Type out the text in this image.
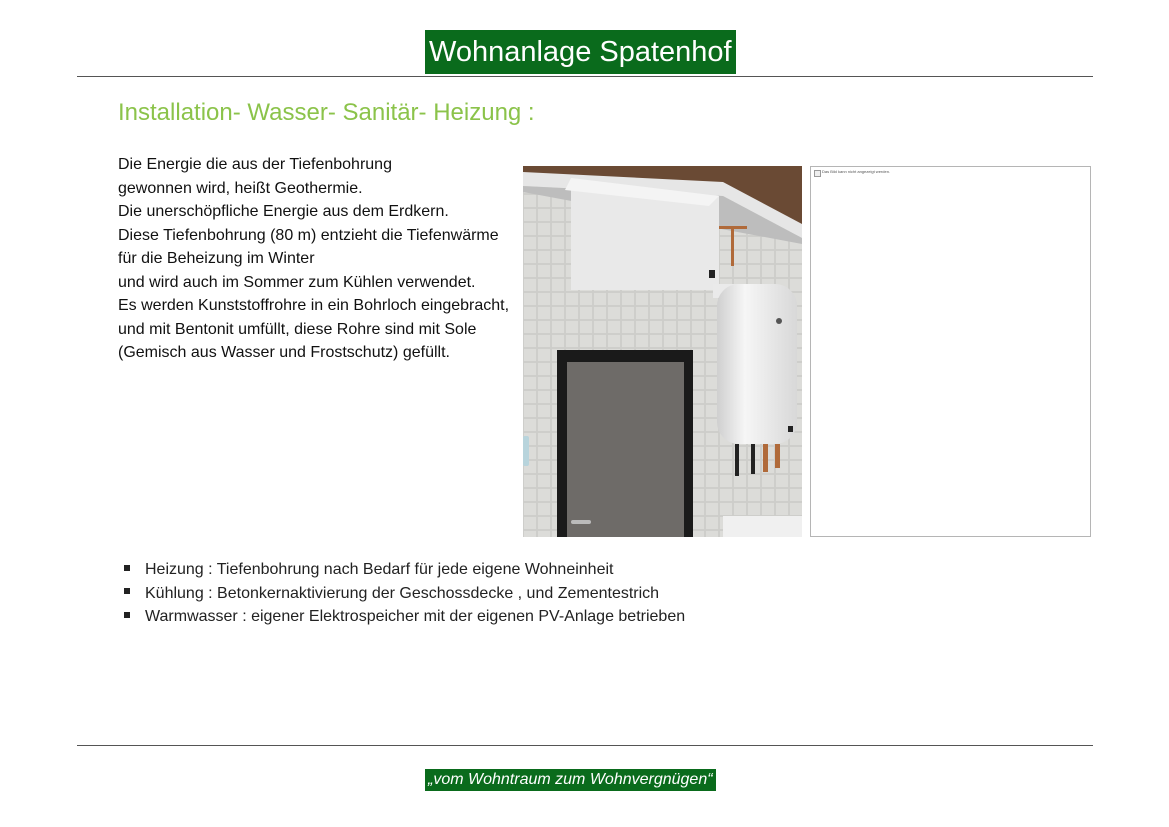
Wohnanlage Spatenhof
Installation- Wasser- Sanitär- Heizung :
Die Energie die aus der Tiefenbohrung
gewonnen wird, heißt Geothermie.
Die unerschöpfliche Energie aus dem Erdkern.
Diese Tiefenbohrung (80 m) entzieht die Tiefenwärme
für die Beheizung im Winter
und wird auch im Sommer zum Kühlen verwendet.
Es werden Kunststoffrohre in ein Bohrloch eingebracht,
und mit Bentonit umfüllt, diese Rohre sind mit Sole
(Gemisch aus Wasser und Frostschutz) gefüllt.
Das Bild kann nicht angezeigt werden.
Heizung : Tiefenbohrung nach Bedarf für jede eigene Wohneinheit
Kühlung : Betonkernaktivierung der Geschossdecke , und Zementestrich
Warmwasser : eigener Elektrospeicher mit der eigenen PV-Anlage betrieben
„vom Wohntraum zum Wohnvergnügen“
